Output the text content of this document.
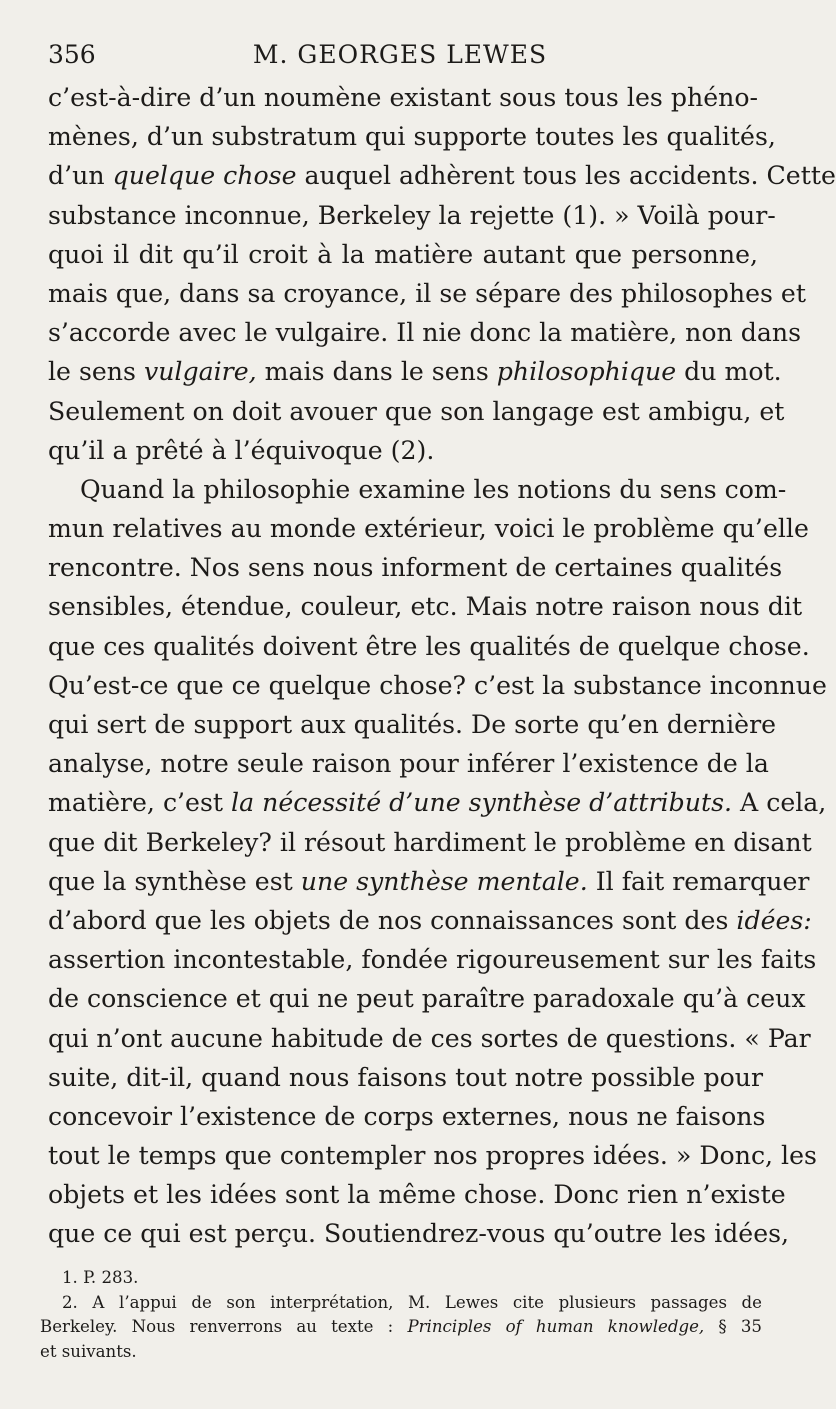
356	M. GEORGES LEWES
c’est-à-dire d’un noumène existant sous tous les phéno-
mènes, d’un substratum qui supporte toutes les qualités,
d’un quelque chose auquel adhèrent tous les accidents. Cette
substance inconnue, Berkeley la rejette (1). » Voilà pour-
quoi il dit qu’il croit à la matière autant que personne,
mais que, dans sa croyance, il se sépare des philosophes et
s’accorde avec le vulgaire. Il nie donc la matière, non dans
le sens vulgaire, mais dans le sens philosophique du mot.
Seulement on doit avouer que son langage est ambigu, et
qu’il a prêté à l’équivoque (2).
Quand la philosophie examine les notions du sens com-
mun relatives au monde extérieur, voici le problème qu’elle
rencontre. Nos sens nous informent de certaines qualités
sensibles, étendue, couleur, etc. Mais notre raison nous dit
que ces qualités doivent être les qualités de quelque chose.
Qu’est-ce que ce quelque chose? c’est la substance inconnue
qui sert de support aux qualités. De sorte qu’en dernière
analyse, notre seule raison pour inférer l’existence de la
matière, c’est la nécessité d’une synthèse d’attributs. A cela,
que dit Berkeley? il résout hardiment le problème en disant
que la synthèse est une synthèse mentale. Il fait remarquer
d’abord que les objets de nos connaissances sont des idées:
assertion incontestable, fondée rigoureusement sur les faits
de conscience et qui ne peut paraître paradoxale qu’à ceux
qui n’ont aucune habitude de ces sortes de questions. « Par
suite, dit-il, quand nous faisons tout notre possible pour
concevoir l’existence de corps externes, nous ne faisons
tout le temps que contempler nos propres idées. » Donc, les
objets et les idées sont la même chose. Donc rien n’existe
que ce qui est perçu. Soutiendrez-vous qu’outre les idées,
1. P. 283.
2. A l’appui de son interprétation, M. Lewes cite plusieurs passages de
Berkeley. Nous renverrons au texte : Principles of human knowledge, § 35
et suivants.
